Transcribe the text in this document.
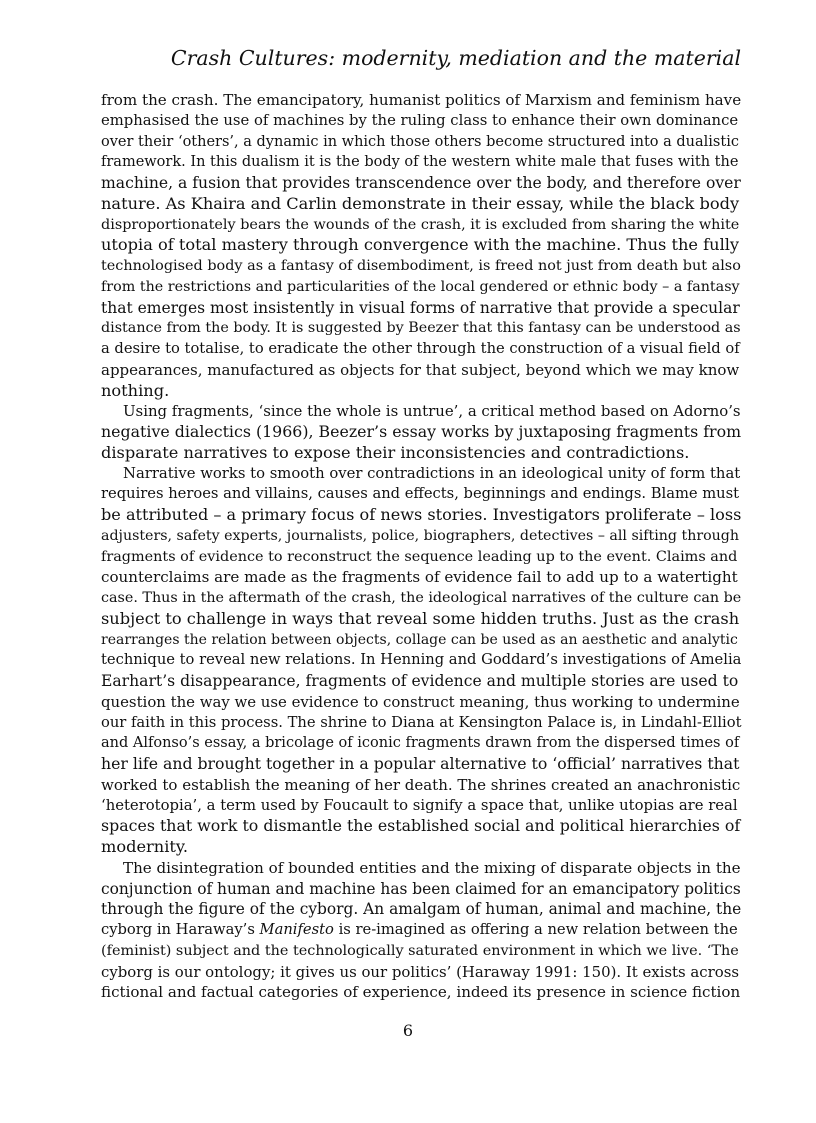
Crash Cultures: modernity, mediation and the material
from the crash. The emancipatory, humanist politics of Marxism and feminism have
emphasised the use of machines by the ruling class to enhance their own dominance
over their ‘others’, a dynamic in which those others become structured into a dualistic
framework. In this dualism it is the body of the western white male that fuses with the
machine, a fusion that provides transcendence over the body, and therefore over
nature. As Khaira and Carlin demonstrate in their essay, while the black body
disproportionately bears the wounds of the crash, it is excluded from sharing the white
utopia of total mastery through convergence with the machine. Thus the fully
technologised body as a fantasy of disembodiment, is freed not just from death but also
from the restrictions and particularities of the local gendered or ethnic body – a fantasy
that emerges most insistently in visual forms of narrative that provide a specular
distance from the body. It is suggested by Beezer that this fantasy can be understood as
a desire to totalise, to eradicate the other through the construction of a visual field of
appearances, manufactured as objects for that subject, beyond which we may know
nothing.
Using fragments, ‘since the whole is untrue’, a critical method based on Adorno’s
negative dialectics (1966), Beezer’s essay works by juxtaposing fragments from
disparate narratives to expose their inconsistencies and contradictions.
Narrative works to smooth over contradictions in an ideological unity of form that
requires heroes and villains, causes and effects, beginnings and endings. Blame must
be attributed – a primary focus of news stories. Investigators proliferate – loss
adjusters, safety experts, journalists, police, biographers, detectives – all sifting through
fragments of evidence to reconstruct the sequence leading up to the event. Claims and
counterclaims are made as the fragments of evidence fail to add up to a watertight
case. Thus in the aftermath of the crash, the ideological narratives of the culture can be
subject to challenge in ways that reveal some hidden truths. Just as the crash
rearranges the relation between objects, collage can be used as an aesthetic and analytic
technique to reveal new relations. In Henning and Goddard’s investigations of Amelia
Earhart’s disappearance, fragments of evidence and multiple stories are used to
question the way we use evidence to construct meaning, thus working to undermine
our faith in this process. The shrine to Diana at Kensington Palace is, in Lindahl-Elliot
and Alfonso’s essay, a bricolage of iconic fragments drawn from the dispersed times of
her life and brought together in a popular alternative to ‘official’ narratives that
worked to establish the meaning of her death. The shrines created an anachronistic
‘heterotopia’, a term used by Foucault to signify a space that, unlike utopias are real
spaces that work to dismantle the established social and political hierarchies of
modernity.
The disintegration of bounded entities and the mixing of disparate objects in the
conjunction of human and machine has been claimed for an emancipatory politics
through the figure of the cyborg. An amalgam of human, animal and machine, the
cyborg in Haraway’s Manifesto is re-imagined as offering a new relation between the
(feminist) subject and the technologically saturated environment in which we live. ‘The
cyborg is our ontology; it gives us our politics’ (Haraway 1991: 150). It exists across
fictional and factual categories of experience, indeed its presence in science fiction
6
